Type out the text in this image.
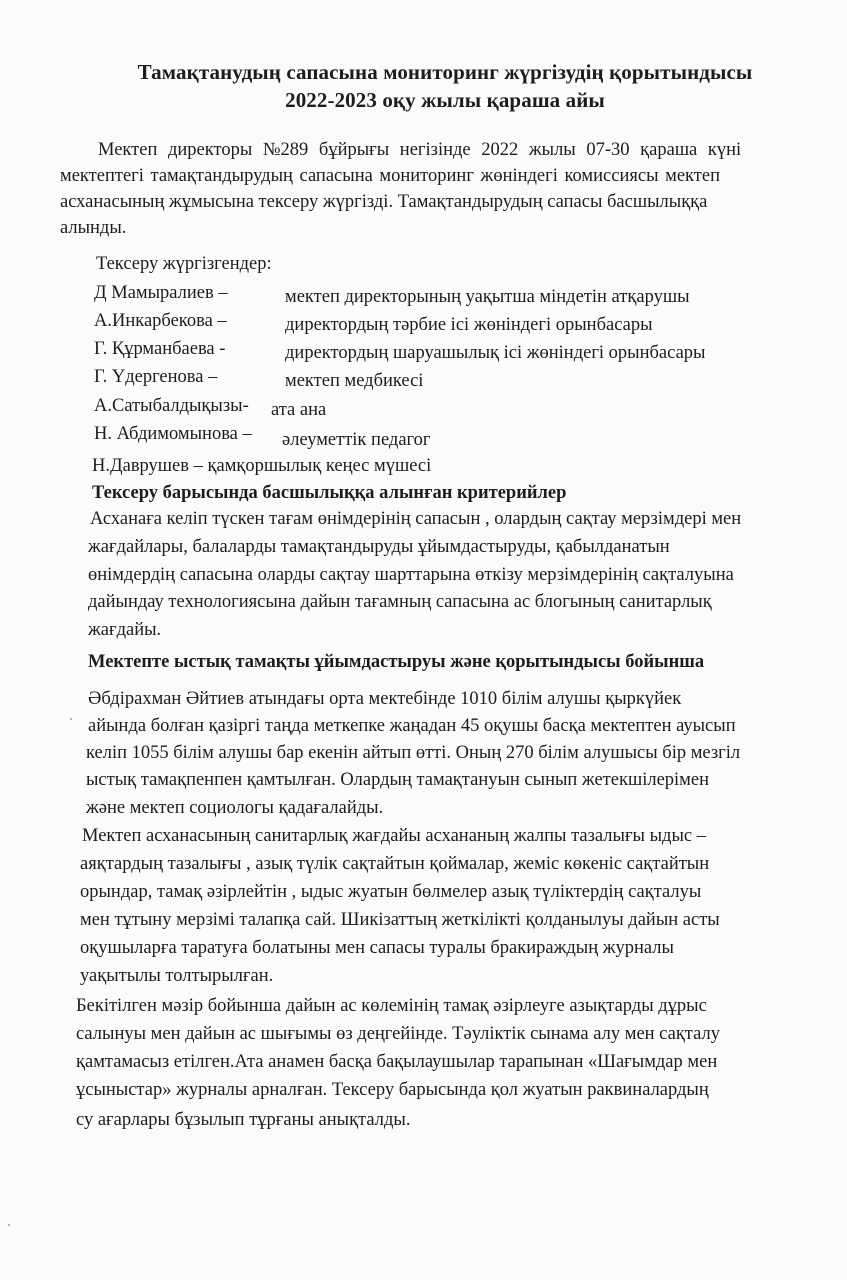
Тамақтанудың сапасына мониторинг жүргізудің қорытындысы
2022-2023 оқу жылы қараша айы
Мектеп директоры №289 бұйрығы негізінде 2022 жылы 07-30 қараша күні
мектептегі тамақтандырудың сапасына мониторинг жөніндегі комиссиясы мектеп
асханасының жұмысына тексеру жүргізді. Тамақтандырудың сапасы басшылыққа
алынды.
Тексеру жүргізгендер:
Д Мамыралиев –	мектеп директорының уақытша міндетін атқарушы
А.Инкарбекова –	директордың тәрбие ісі жөніндегі орынбасары
Г. Құрманбаева -	директордың шаруашылық ісі жөніндегі орынбасары
Г. Үдергенова –	мектеп медбикесі
А.Сатыбалдықызы- ата ана
Н. Абдимомынова – әлеуметтік педагог
Н.Даврушев – қамқоршылық кеңес мүшесі
Тексеру барысында басшылыққа алынған критерийлер
Асханаға келіп түскен тағам өнімдерінің сапасын , олардың сақтау мерзімдері мен
жағдайлары, балаларды тамақтандыруды ұйымдастыруды, қабылданатын
өнімдердің сапасына оларды сақтау шарттарына өткізу мерзімдерінің сақталуына
дайындау технологиясына дайын тағамның сапасына ас блогының санитарлық
жағдайы.
Мектепте ыстық тамақты ұйымдастыруы және қорытындысы бойынша
Әбдірахман Әйтиев атындағы орта мектебінде 1010 білім алушы қыркүйек
айында болған қазіргі таңда меткепке жаңадан 45 оқушы басқа мектептен ауысып
келіп 1055 білім алушы бар екенін айтып өтті. Оның 270 білім алушысы бір мезгіл
ыстық тамақпенпен қамтылған. Олардың тамақтануын сынып жетекшілерімен
және мектеп социологы қадағалайды.
Мектеп асханасының санитарлық жағдайы асхананың жалпы тазалығы ыдыс –
аяқтардың тазалығы , азық түлік сақтайтын қоймалар, жеміс көкеніс сақтайтын
орындар, тамақ әзірлейтін , ыдыс жуатын бөлмелер азық түліктердің сақталуы
мен тұтыну мерзімі талапқа сай. Шикізаттың жеткілікті қолданылуы дайын асты
оқушыларға таратуға болатыны мен сапасы туралы бракираждың журналы
уақытылы толтырылған.
Бекітілген мәзір бойынша дайын ас көлемінің тамақ әзірлеуге азықтарды дұрыс
салынуы мен дайын ас шығымы өз деңгейінде. Тәуліктік сынама алу мен сақталу
қамтамасыз етілген.Ата анамен басқа бақылаушылар тарапынан «Шағымдар мен
ұсыныстар» журналы арналған. Тексеру барысында қол жуатын раквиналардың
су ағарлары бұзылып тұрғаны анықталды.
